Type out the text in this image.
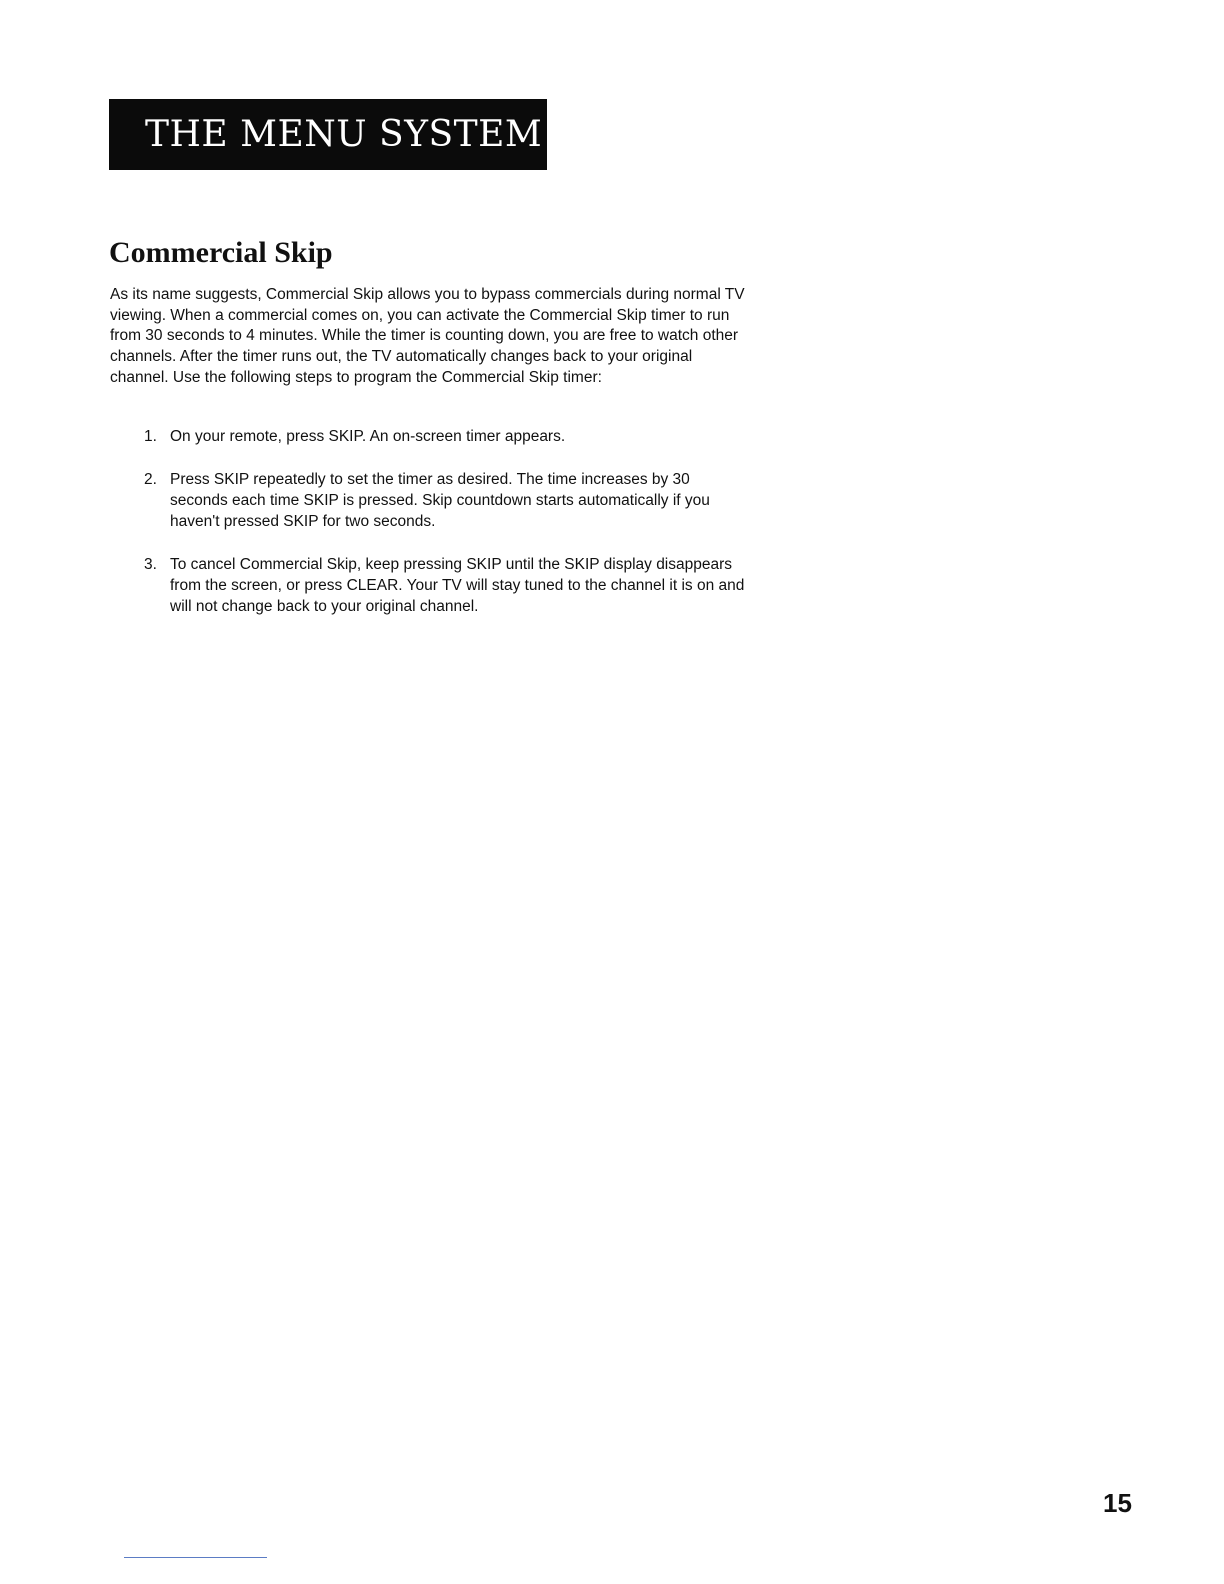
THE MENU SYSTEM
Commercial Skip

As its name suggests, Commercial Skip allows you to bypass commercials during normal TV viewing. When a commercial comes on, you can activate the Commercial Skip timer to run from 30 seconds to 4 minutes. While the timer is counting down, you are free to watch other channels. After the timer runs out, the TV automatically changes back to your original channel. Use the following steps to program the Commercial Skip timer:

1. On your remote, press SKIP. An on-screen timer appears.
2. Press SKIP repeatedly to set the timer as desired. The time increases by 30 seconds each time SKIP is pressed. Skip countdown starts automatically if you haven't pressed SKIP for two seconds.
3. To cancel Commercial Skip, keep pressing SKIP until the SKIP display disappears from the screen, or press CLEAR. Your TV will stay tuned to the channel it is on and will not change back to your original channel.
15
